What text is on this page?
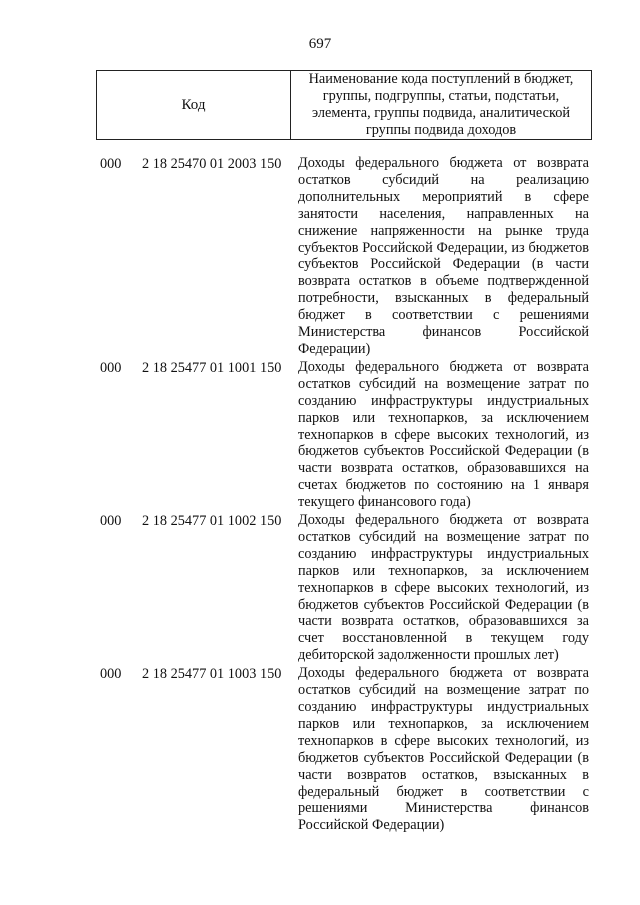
697
Код
Наименование кода поступлений в бюджет, группы, подгруппы, статьи, подстатьи, элемента, группы подвида, аналитической группы подвида доходов
000 2 18 25470 01 2003 150 Доходы федерального бюджета от возврата остатков субсидий на реализацию дополнительных мероприятий в сфере занятости населения, направленных на снижение напряженности на рынке труда субъектов Российской Федерации, из бюджетов субъектов Российской Федерации (в части возврата остатков в объеме подтвержденной потребности, взысканных в федеральный бюджет в соответствии с решениями Министерства финансов Российской Федерации)
000 2 18 25477 01 1001 150 Доходы федерального бюджета от возврата остатков субсидий на возмещение затрат по созданию инфраструктуры индустриальных парков или технопарков, за исключением технопарков в сфере высоких технологий, из бюджетов субъектов Российской Федерации (в части возврата остатков, образовавшихся на счетах бюджетов по состоянию на 1 января текущего финансового года)
000 2 18 25477 01 1002 150 Доходы федерального бюджета от возврата остатков субсидий на возмещение затрат по созданию инфраструктуры индустриальных парков или технопарков, за исключением технопарков в сфере высоких технологий, из бюджетов субъектов Российской Федерации (в части возврата остатков, образовавшихся за счет восстановленной в текущем году дебиторской задолженности прошлых лет)
000 2 18 25477 01 1003 150 Доходы федерального бюджета от возврата остатков субсидий на возмещение затрат по созданию инфраструктуры индустриальных парков или технопарков, за исключением технопарков в сфере высоких технологий, из бюджетов субъектов Российской Федерации (в части возвратов остатков, взысканных в федеральный бюджет в соответствии с решениями Министерства финансов Российской Федерации)
